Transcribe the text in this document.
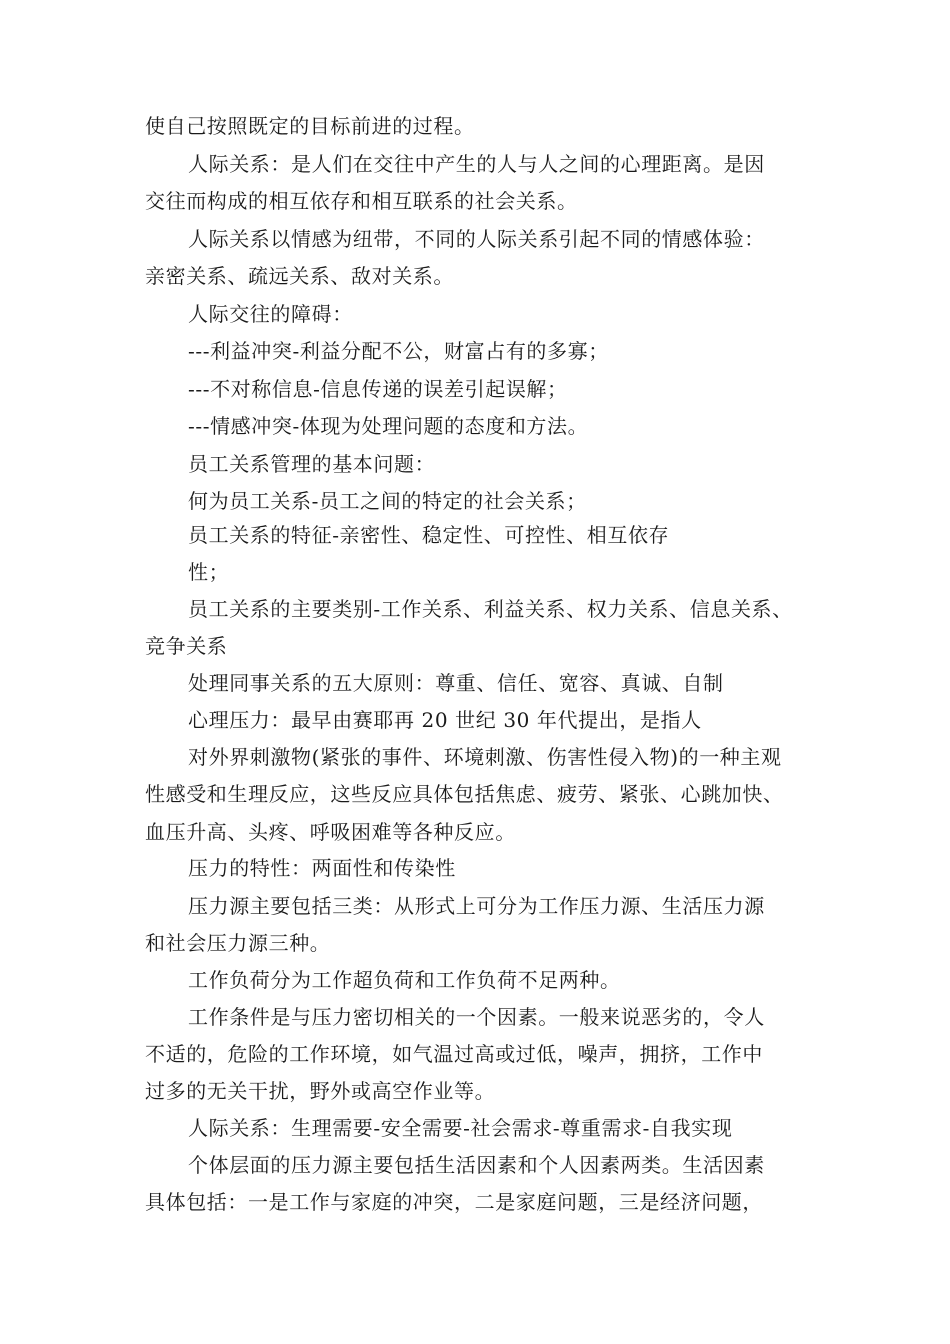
使自己按照既定的目标前进的过程。
人际关系：是人们在交往中产生的人与人之间的心理距离。是因
交往而构成的相互依存和相互联系的社会关系。
人际关系以情感为纽带，不同的人际关系引起不同的情感体验：
亲密关系、疏远关系、敌对关系。
人际交往的障碍：
---利益冲突-利益分配不公，财富占有的多寡；
---不对称信息-信息传递的误差引起误解；
---情感冲突-体现为处理问题的态度和方法。
员工关系管理的基本问题：
何为员工关系-员工之间的特定的社会关系；
员工关系的特征-亲密性、稳定性、可控性、相互依存
性；
员工关系的主要类别-工作关系、利益关系、权力关系、信息关系、
竞争关系
处理同事关系的五大原则：尊重、信任、宽容、真诚、自制
心理压力：最早由赛耶再 20 世纪 30 年代提出，是指人
对外界刺激物(紧张的事件、环境刺激、伤害性侵入物)的一种主观
性感受和生理反应，这些反应具体包括焦虑、疲劳、紧张、心跳加快、
血压升高、头疼、呼吸困难等各种反应。
压力的特性：两面性和传染性
压力源主要包括三类：从形式上可分为工作压力源、生活压力源
和社会压力源三种。
工作负荷分为工作超负荷和工作负荷不足两种。
工作条件是与压力密切相关的一个因素。一般来说恶劣的，令人
不适的，危险的工作环境，如气温过高或过低，噪声，拥挤，工作中
过多的无关干扰，野外或高空作业等。
人际关系：生理需要-安全需要-社会需求-尊重需求-自我实现
个体层面的压力源主要包括生活因素和个人因素两类。生活因素
具体包括：一是工作与家庭的冲突，二是家庭问题，三是经济问题，
